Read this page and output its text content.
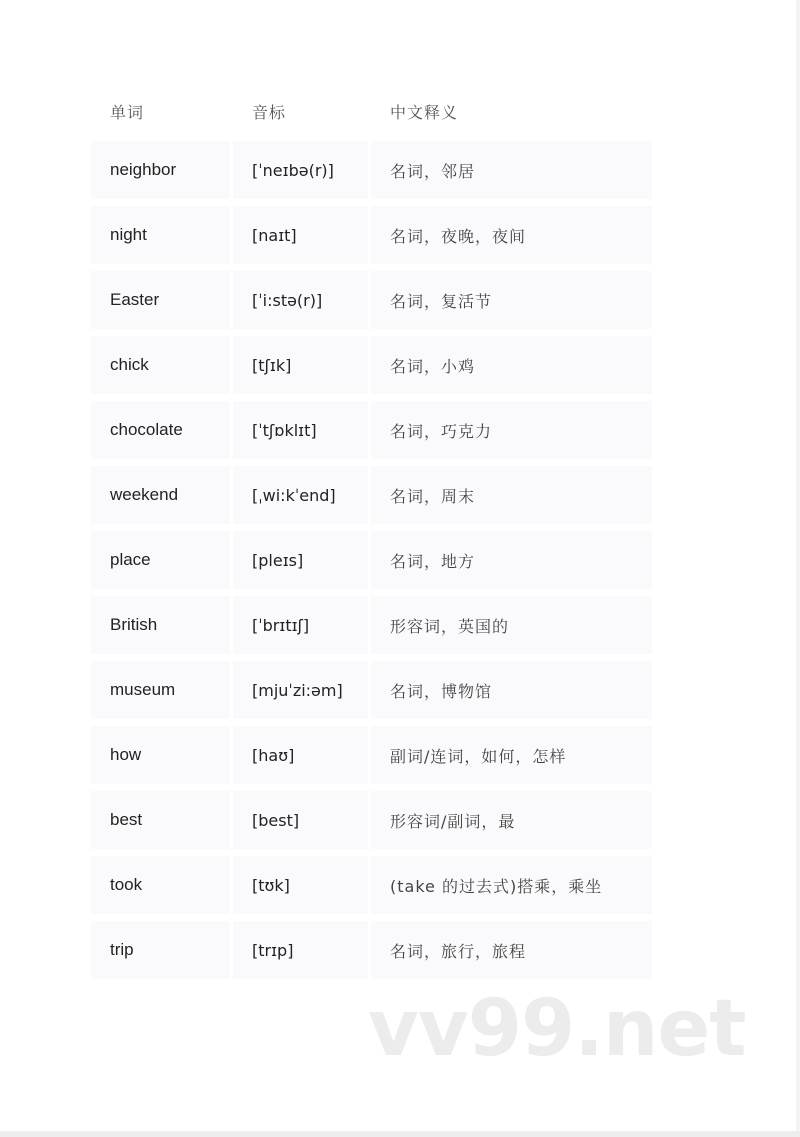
单词	音标	中文释义
neighbor	[ˈneɪbə(r)]	名词，邻居
night	[naɪt]	名词，夜晚，夜间
Easter	[ˈi:stə(r)]	名词，复活节
chick	[tʃɪk]	名词，小鸡
chocolate	[ˈtʃɒklɪt]	名词，巧克力
weekend	[ˌwi:kˈend]	名词，周末
place	[pleɪs]	名词，地方
British	[ˈbrɪtɪʃ]	形容词，英国的
museum	[mjuˈzi:əm]	名词，博物馆
how	[haʊ]	副词/连词，如何，怎样
best	[best]	形容词/副词，最
took	[tʊk]	(take 的过去式)搭乘，乘坐
trip	[trɪp]	名词，旅行，旅程
vv99.net
